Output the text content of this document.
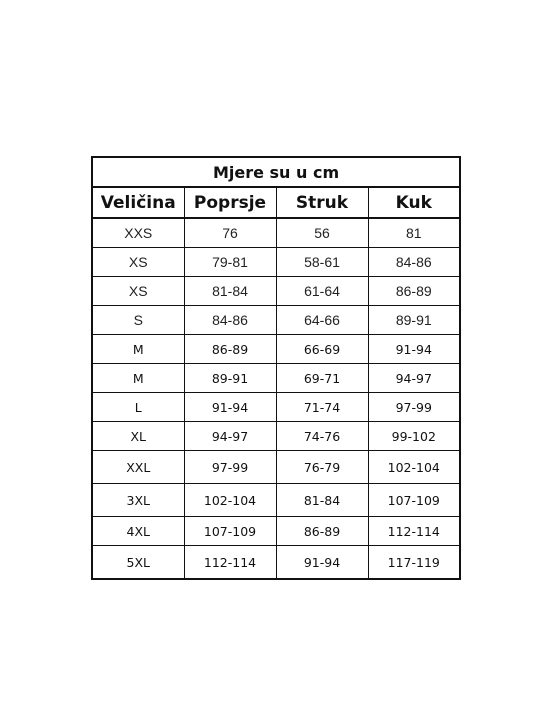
Mjere su u cm			
Veličina	Poprsje	Struk	Kuk
XXS	76	56	81
XS	79-81	58-61	84-86
XS	81-84	61-64	86-89
S	84-86	64-66	89-91
M	86-89	66-69	91-94
M	89-91	69-71	94-97
L	91-94	71-74	97-99
XL	94-97	74-76	99-102
XXL	97-99	76-79	102-104
3XL	102-104	81-84	107-109
4XL	107-109	86-89	112-114
5XL	112-114	91-94	117-119
